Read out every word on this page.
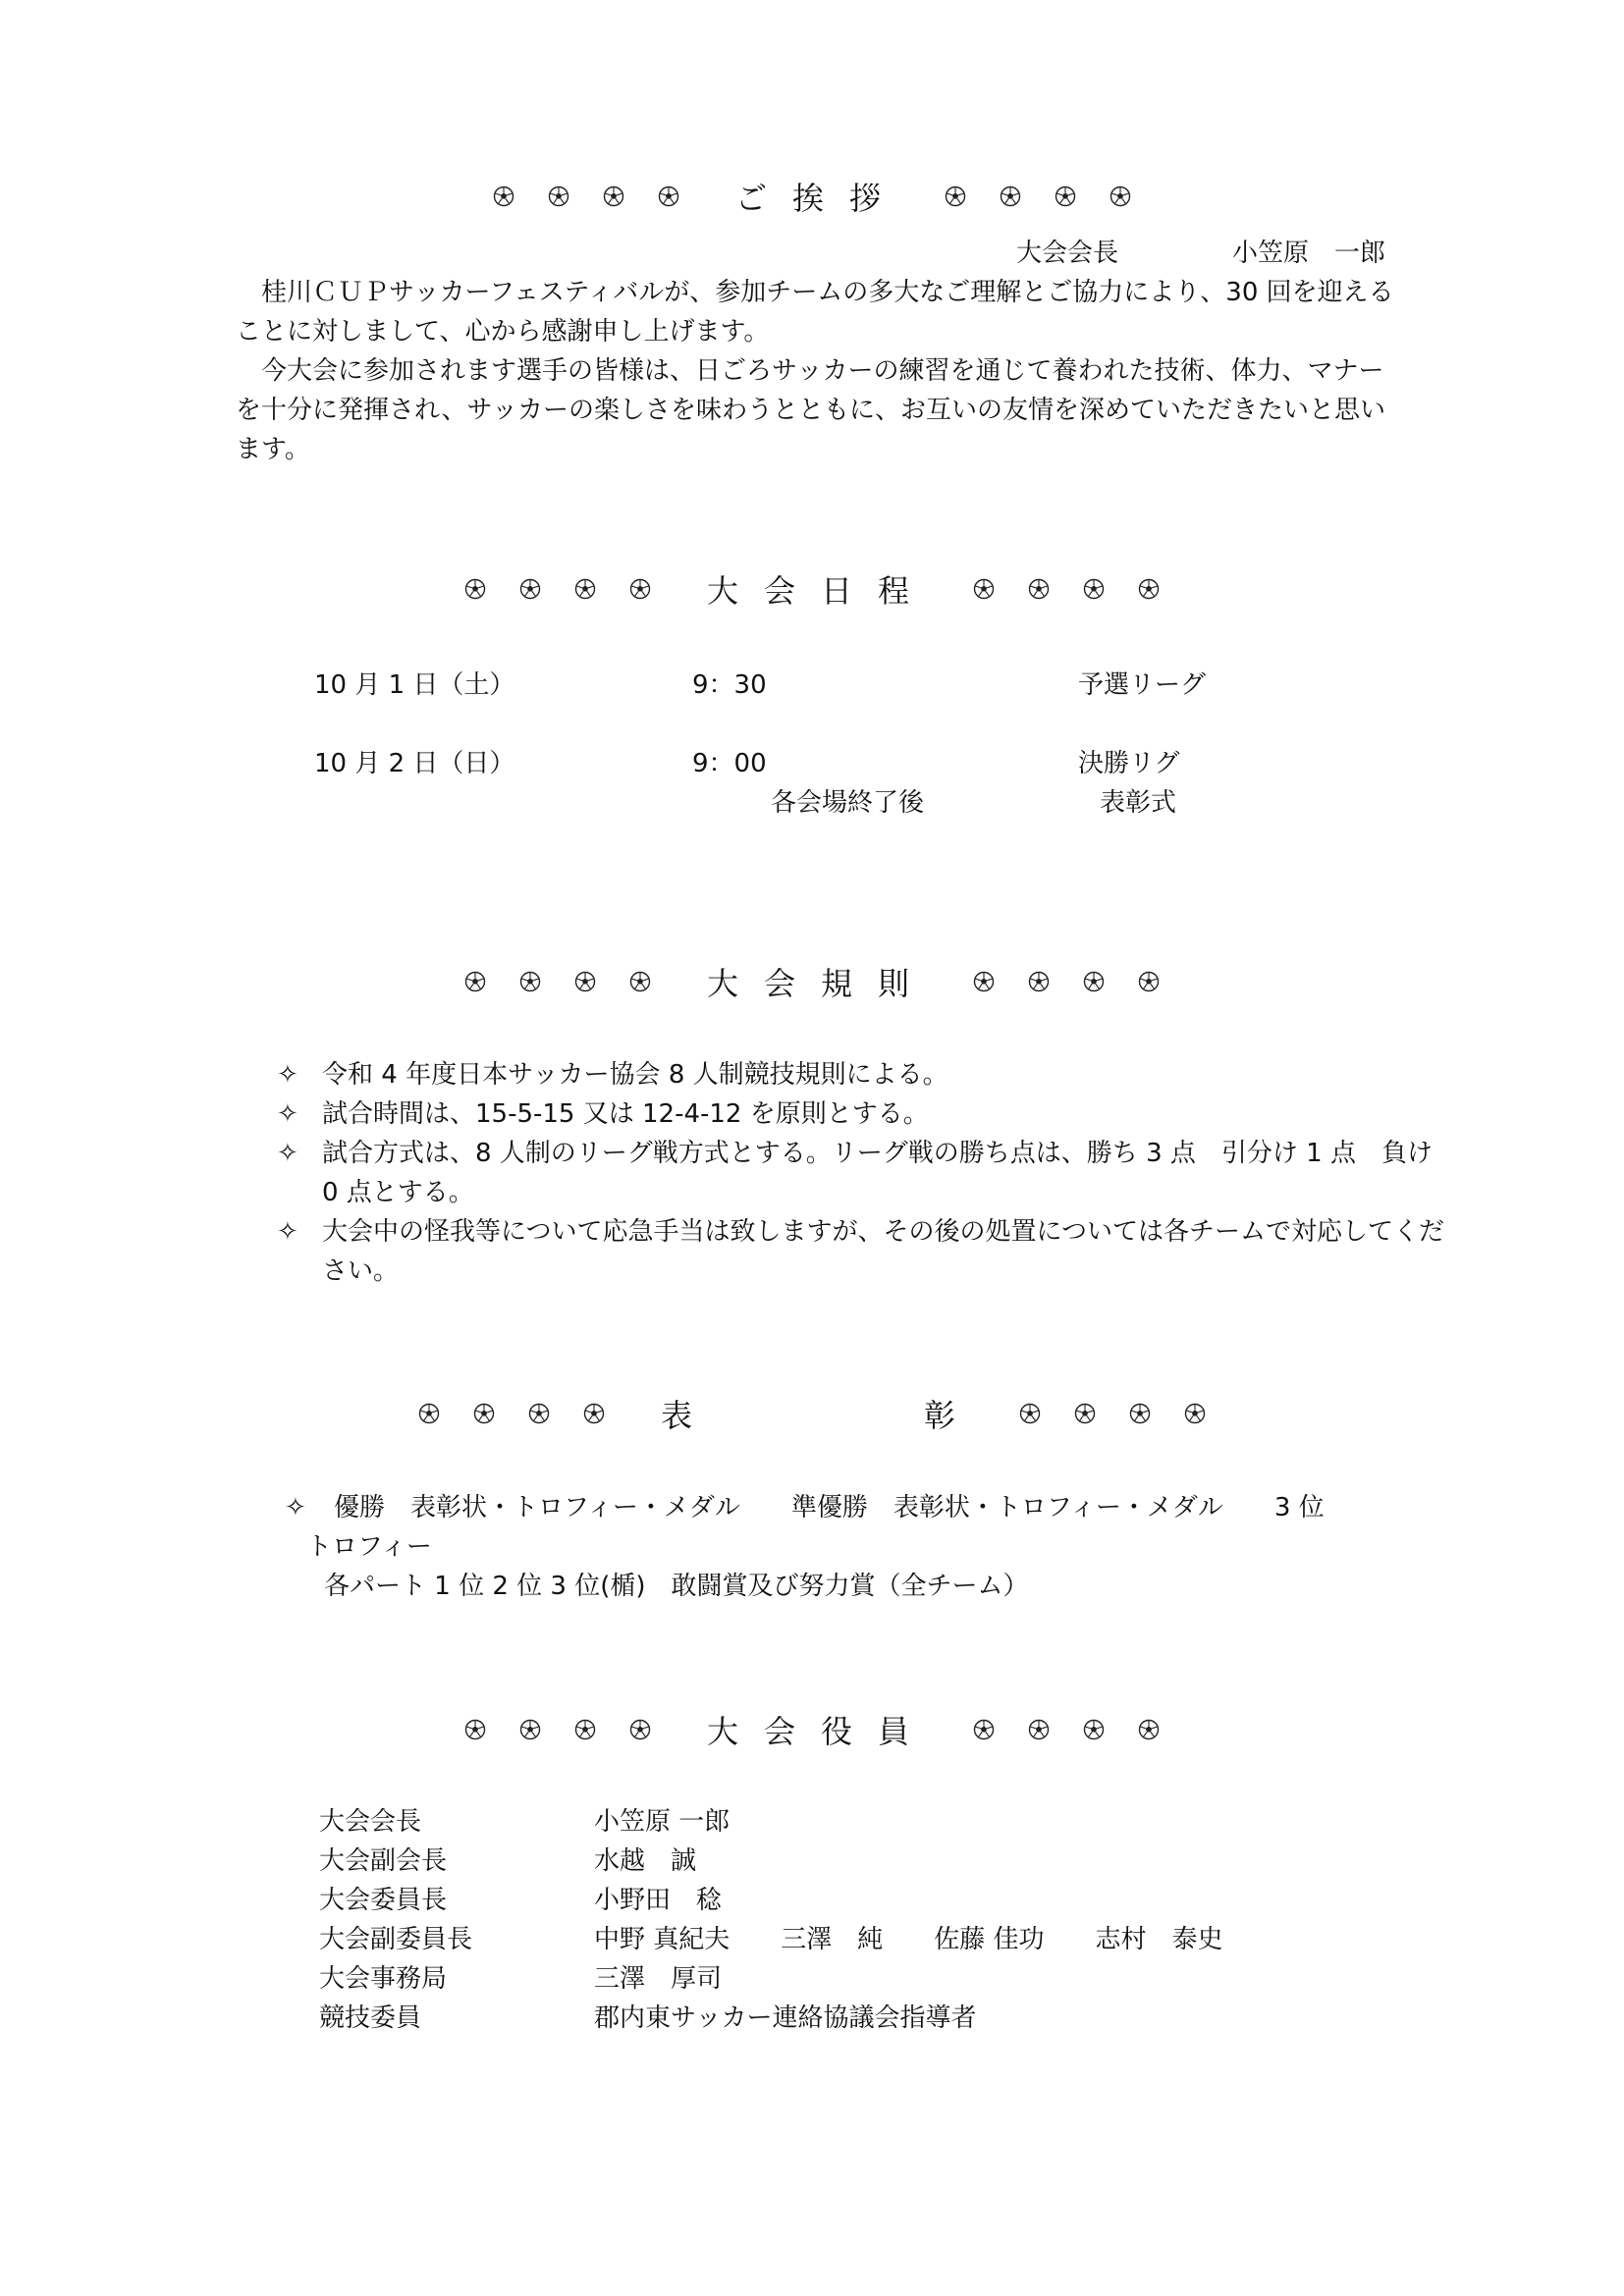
ご挨拶
大会会長	小笠原　一郎
桂川ＣＵＰサッカーフェスティバルが、参加チームの多大なご理解とご協力により、30 回を迎えることに対しまして、心から感謝申し上げます。
今大会に参加されます選手の皆様は、日ごろサッカーの練習を通じて養われた技術、体力、マナーを十分に発揮され、サッカーの楽しさを味わうとともに、お互いの友情を深めていただきたいと思います。
大会日程
10 月 1 日（土）	9：30	予選リーグ
10 月 2 日（日）	9：00	決勝リグ
各会場終了後	表彰式
大会規則
✧ 令和 4 年度日本サッカー協会 8 人制競技規則による。
✧ 試合時間は、15-5-15 又は 12-4-12 を原則とする。
✧ 試合方式は、8 人制のリーグ戦方式とする。リーグ戦の勝ち点は、勝ち 3 点　引分け 1 点　負け 0 点とする。
✧ 大会中の怪我等について応急手当は致しますが、その後の処置については各チームで対応してください。
表	彰
✧ 優勝　表彰状・トロフィー・メダル　　準優勝　表彰状・トロフィー・メダル　　3 位
トロフィー
各パート 1 位 2 位 3 位(楯)　敢闘賞及び努力賞（全チーム）
大会役員
大会会長	小笠原 一郎
大会副会長	水越　誠
大会委員長	小野田　稔
大会副委員長	中野 真紀夫　　三澤　純　　佐藤 佳功　　志村　泰史
大会事務局	三澤　厚司
競技委員	郡内東サッカー連絡協議会指導者
